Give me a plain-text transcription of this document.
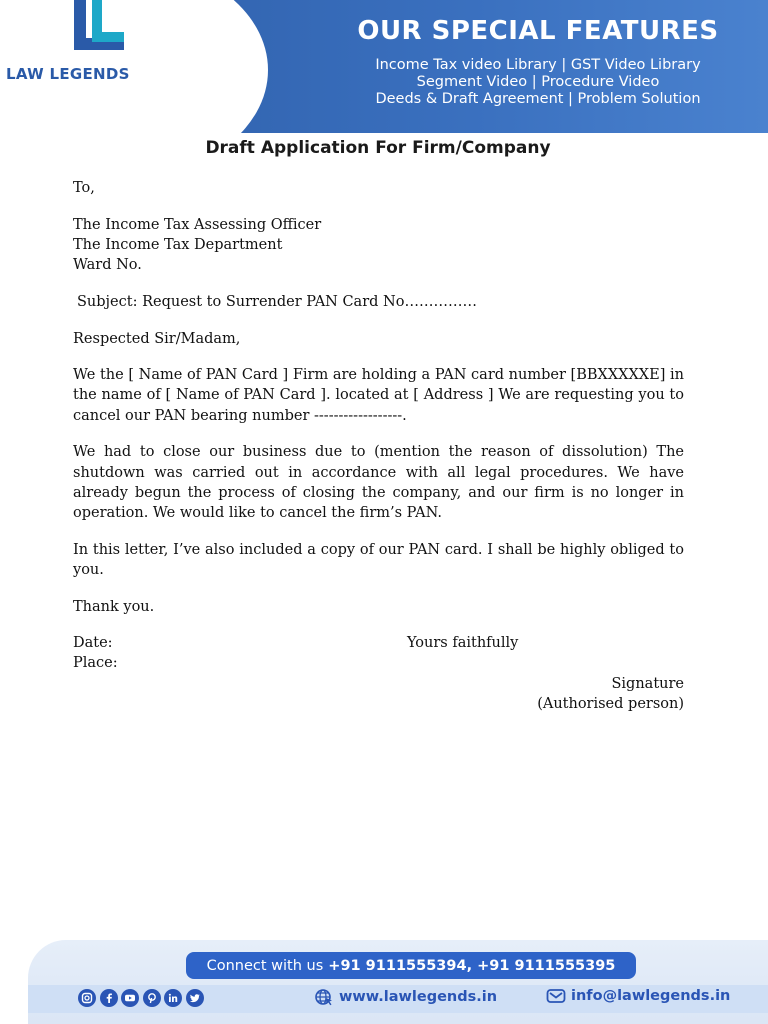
LAW LEGENDS
OUR SPECIAL FEATURES
Income Tax video Library | GST Video Library
Segment Video | Procedure Video
Deeds & Draft Agreement | Problem Solution
Draft Application For Firm/Company

To,

The Income Tax Assessing Officer
The Income Tax Department
Ward No.

Subject: Request to Surrender PAN Card No……………

Respected Sir/Madam,

We the [ Name of PAN Card ] Firm are holding a PAN card number [BBXXXXXE] in the name of [ Name of PAN Card ]. located at [ Address ] We are requesting you to cancel our PAN bearing number ------------------.

We had to close our business due to (mention the reason of dissolution) The shutdown was carried out in accordance with all legal procedures. We have already begun the process of closing the company, and our firm is no longer in operation. We would like to cancel the firm’s PAN.

In this letter, I’ve also included a copy of our PAN card. I shall be highly obliged to you.

Thank you.

Date:	Yours faithfully
Place:
Signature
(Authorised person)
Connect with us +91 9111555394, +91 9111555395
www.lawlegends.in	info@lawlegends.in
